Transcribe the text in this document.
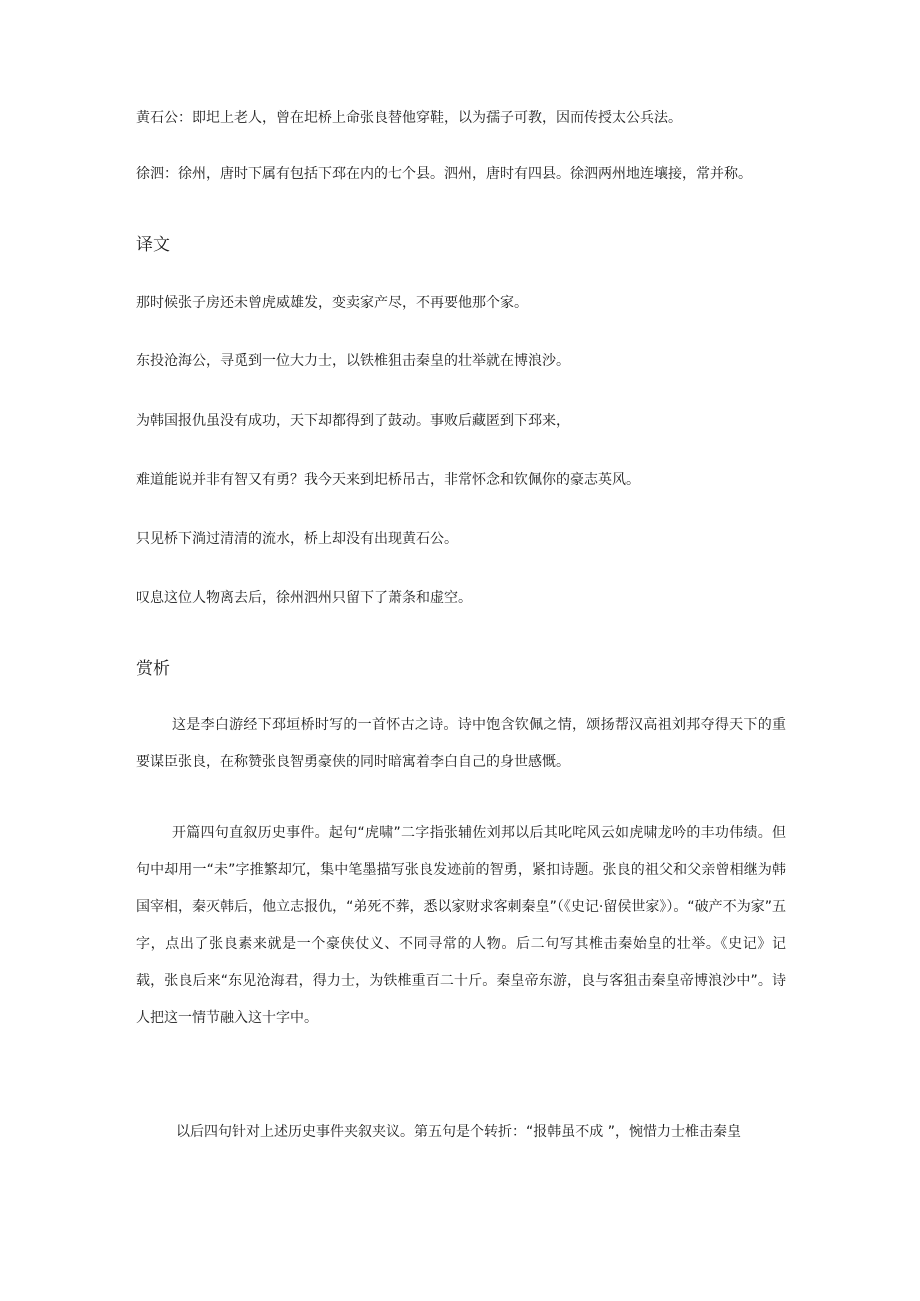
黄石公：即圯上老人，曾在圯桥上命张良替他穿鞋，以为孺子可教，因而传授太公兵法。
徐泗：徐州，唐时下属有包括下邳在内的七个县。泗州，唐时有四县。徐泗两州地连壤接，常并称。
译文
那时候张子房还未曾虎威雄发，变卖家产尽，不再要他那个家。
东投沧海公，寻觅到一位大力士，以铁椎狙击秦皇的壮举就在博浪沙。
为韩国报仇虽没有成功，天下却都得到了鼓动。事败后藏匿到下邳来，
难道能说并非有智又有勇？我今天来到圯桥吊古，非常怀念和钦佩你的豪志英风。
只见桥下淌过清清的流水，桥上却没有出现黄石公。
叹息这位人物离去后，徐州泗州只留下了萧条和虚空。
赏析
这是李白游经下邳垣桥时写的一首怀古之诗。诗中饱含钦佩之情，颂扬帮汉高祖刘邦夺得天下的重要谋臣张良，在称赞张良智勇豪侠的同时暗寓着李白自己的身世感慨。
开篇四句直叙历史事件。起句“虎啸”二字指张辅佐刘邦以后其叱咤风云如虎啸龙吟的丰功伟绩。但句中却用一“未”字推繁却冗，集中笔墨描写张良发迹前的智勇，紧扣诗题。张良的祖父和父亲曾相继为韩国宰相，秦灭韩后，他立志报仇，“弟死不葬，悉以家财求客刺秦皇”（《史记·留侯世家》）。“破产不为家”五字，点出了张良素来就是一个豪侠仗义、不同寻常的人物。后二句写其椎击秦始皇的壮举。《史记》记载，张良后来“东见沧海君，得力士，为铁椎重百二十斤。秦皇帝东游，良与客狙击秦皇帝博浪沙中”。诗人把这一情节融入这十字中。
以后四句针对上述历史事件夹叙夹议。第五句是个转折：“报韩虽不成 ”，惋惜力士椎击秦皇
